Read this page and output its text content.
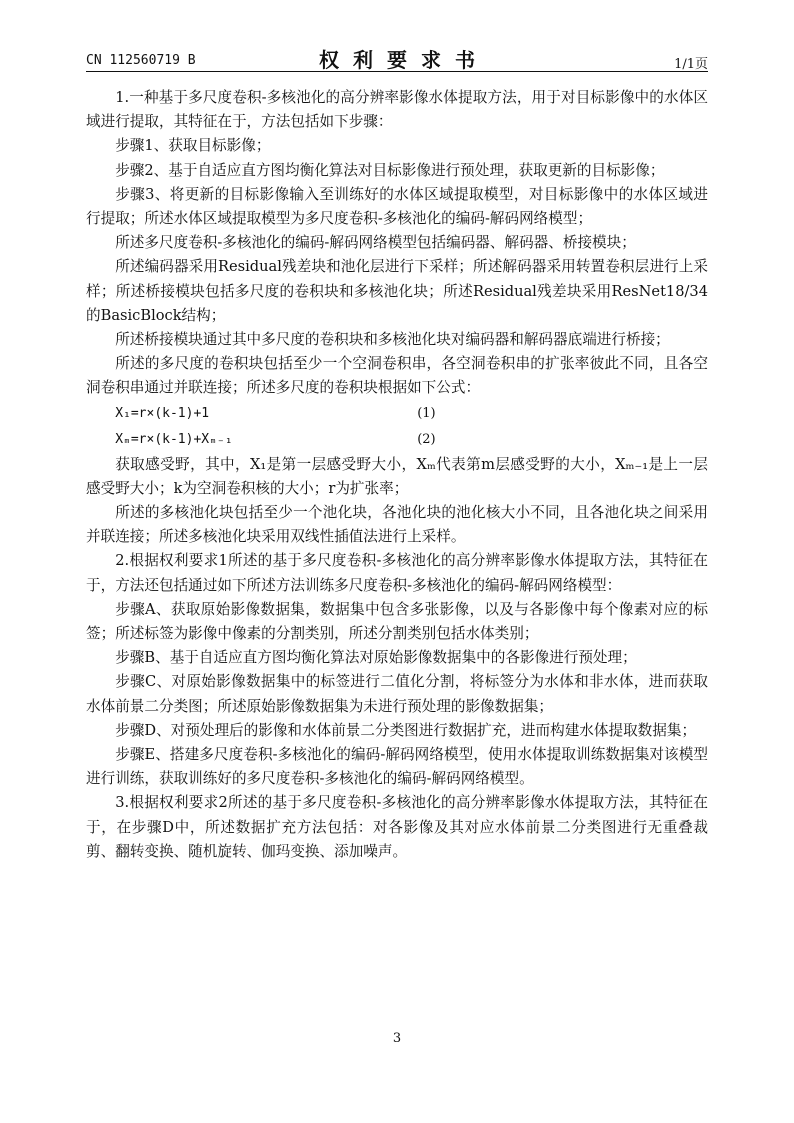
CN 112560719 B	权利要求书	1/1页

1.一种基于多尺度卷积-多核池化的高分辨率影像水体提取方法，用于对目标影像中的水体区域进行提取，其特征在于，方法包括如下步骤：

步骤1、获取目标影像；

步骤2、基于自适应直方图均衡化算法对目标影像进行预处理，获取更新的目标影像；

步骤3、将更新的目标影像输入至训练好的水体区域提取模型，对目标影像中的水体区域进行提取；所述水体区域提取模型为多尺度卷积-多核池化的编码-解码网络模型；

所述多尺度卷积-多核池化的编码-解码网络模型包括编码器、解码器、桥接模块；

所述编码器采用Residual残差块和池化层进行下采样；所述解码器采用转置卷积层进行上采样；所述桥接模块包括多尺度的卷积块和多核池化块；所述Residual残差块采用ResNet18/34的BasicBlock结构；

所述桥接模块通过其中多尺度的卷积块和多核池化块对编码器和解码器底端进行桥接；

所述的多尺度的卷积块包括至少一个空洞卷积串，各空洞卷积串的扩张率彼此不同，且各空洞卷积串通过并联连接；所述多尺度的卷积块根据如下公式：

X₁=r×(k-1)+1	(1)
Xₘ=r×(k-1)+Xₘ₋₁	(2)

获取感受野，其中，X₁是第一层感受野大小，Xₘ代表第m层感受野的大小，Xₘ₋₁是上一层感受野大小；k为空洞卷积核的大小；r为扩张率；

所述的多核池化块包括至少一个池化块，各池化块的池化核大小不同，且各池化块之间采用并联连接；所述多核池化块采用双线性插值法进行上采样。

2.根据权利要求1所述的基于多尺度卷积-多核池化的高分辨率影像水体提取方法，其特征在于，方法还包括通过如下所述方法训练多尺度卷积-多核池化的编码-解码网络模型：

步骤A、获取原始影像数据集，数据集中包含多张影像，以及与各影像中每个像素对应的标签；所述标签为影像中像素的分割类别，所述分割类别包括水体类别；

步骤B、基于自适应直方图均衡化算法对原始影像数据集中的各影像进行预处理；

步骤C、对原始影像数据集中的标签进行二值化分割，将标签分为水体和非水体，进而获取水体前景二分类图；所述原始影像数据集为未进行预处理的影像数据集；

步骤D、对预处理后的影像和水体前景二分类图进行数据扩充，进而构建水体提取数据集；

步骤E、搭建多尺度卷积-多核池化的编码-解码网络模型，使用水体提取训练数据集对该模型进行训练，获取训练好的多尺度卷积-多核池化的编码-解码网络模型。

3.根据权利要求2所述的基于多尺度卷积-多核池化的高分辨率影像水体提取方法，其特征在于，在步骤D中，所述数据扩充方法包括：对各影像及其对应水体前景二分类图进行无重叠裁剪、翻转变换、随机旋转、伽玛变换、添加噪声。

3
